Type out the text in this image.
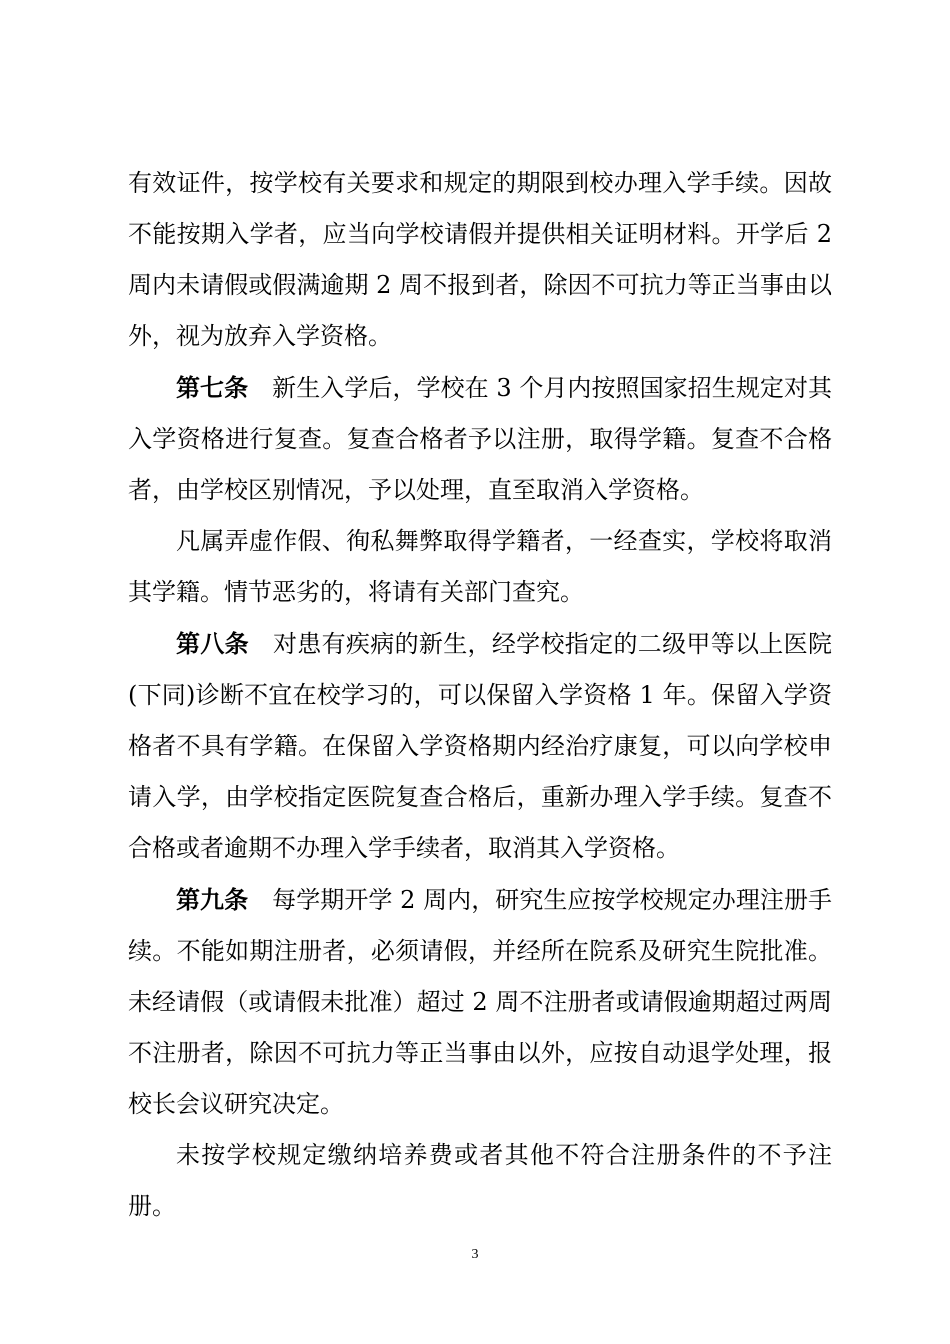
有效证件，按学校有关要求和规定的期限到校办理入学手续。因故不能按期入学者，应当向学校请假并提供相关证明材料。开学后 2 周内未请假或假满逾期 2 周不报到者，除因不可抗力等正当事由以外，视为放弃入学资格。

第七条 新生入学后，学校在 3 个月内按照国家招生规定对其入学资格进行复查。复查合格者予以注册，取得学籍。复查不合格者，由学校区别情况，予以处理，直至取消入学资格。

凡属弄虚作假、徇私舞弊取得学籍者，一经查实，学校将取消其学籍。情节恶劣的，将请有关部门查究。

第八条 对患有疾病的新生，经学校指定的二级甲等以上医院(下同)诊断不宜在校学习的，可以保留入学资格 1 年。保留入学资格者不具有学籍。在保留入学资格期内经治疗康复，可以向学校申请入学，由学校指定医院复查合格后，重新办理入学手续。复查不合格或者逾期不办理入学手续者，取消其入学资格。

第九条 每学期开学 2 周内，研究生应按学校规定办理注册手续。不能如期注册者，必须请假，并经所在院系及研究生院批准。未经请假（或请假未批准）超过 2 周不注册者或请假逾期超过两周不注册者，除因不可抗力等正当事由以外，应按自动退学处理，报校长会议研究决定。

未按学校规定缴纳培养费或者其他不符合注册条件的不予注册。

3
